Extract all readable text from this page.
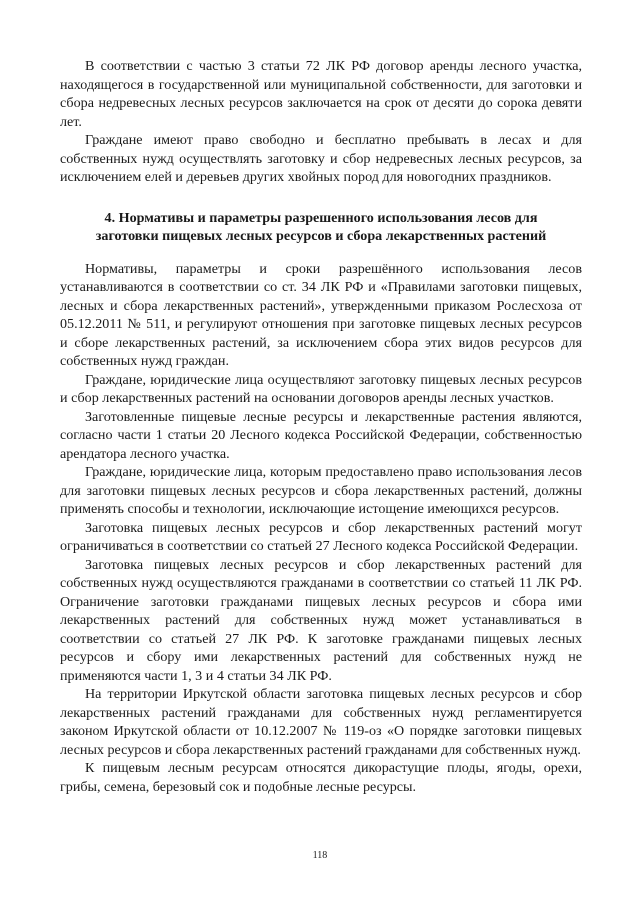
В соответствии с частью 3 статьи 72 ЛК РФ договор аренды лесного участка, находящегося в государственной или муниципальной собственности, для заготовки и сбора недревесных лесных ресурсов заключается на срок от десяти до сорока девяти лет.

Граждане имеют право свободно и бесплатно пребывать в лесах и для собственных нужд осуществлять заготовку и сбор недревесных лесных ресурсов, за исключением елей и деревьев других хвойных пород для новогодних праздников.

4. Нормативы и параметры разрешенного использования лесов для
заготовки пищевых лесных ресурсов и сбора лекарственных растений

Нормативы, параметры и сроки разрешённого использования лесов устанавливаются в соответствии со ст. 34 ЛК РФ и «Правилами заготовки пищевых, лесных и сбора лекарственных растений», утвержденными приказом Рослесхоза от 05.12.2011 № 511, и регулируют отношения при заготовке пищевых лесных ресурсов и сборе лекарственных растений, за исключением сбора этих видов ресурсов для собственных нужд граждан.

Граждане, юридические лица осуществляют заготовку пищевых лесных ресурсов и сбор лекарственных растений на основании договоров аренды лесных участков.

Заготовленные пищевые лесные ресурсы и лекарственные растения являются, согласно части 1 статьи 20 Лесного кодекса Российской Федерации, собственностью арендатора лесного участка.

Граждане, юридические лица, которым предоставлено право использования лесов для заготовки пищевых лесных ресурсов и сбора лекарственных растений, должны применять способы и технологии, исключающие истощение имеющихся ресурсов.

Заготовка пищевых лесных ресурсов и сбор лекарственных растений могут ограничиваться в соответствии со статьей 27 Лесного кодекса Российской Федерации.

Заготовка пищевых лесных ресурсов и сбор лекарственных растений для собственных нужд осуществляются гражданами в соответствии со статьей 11 ЛК РФ. Ограничение заготовки гражданами пищевых лесных ресурсов и сбора ими лекарственных растений для собственных нужд может устанавливаться в соответствии со статьей 27 ЛК РФ. К заготовке гражданами пищевых лесных ресурсов и сбору ими лекарственных растений для собственных нужд не применяются части 1, 3 и 4 статьи 34 ЛК РФ.

На территории Иркутской области заготовка пищевых лесных ресурсов и сбор лекарственных растений гражданами для собственных нужд регламентируется законом Иркутской области от 10.12.2007 № 119-оз «О порядке заготовки пищевых лесных ресурсов и сбора лекарственных растений гражданами для собственных нужд.

К пищевым лесным ресурсам относятся дикорастущие плоды, ягоды, орехи, грибы, семена, березовый сок и подобные лесные ресурсы.

118
